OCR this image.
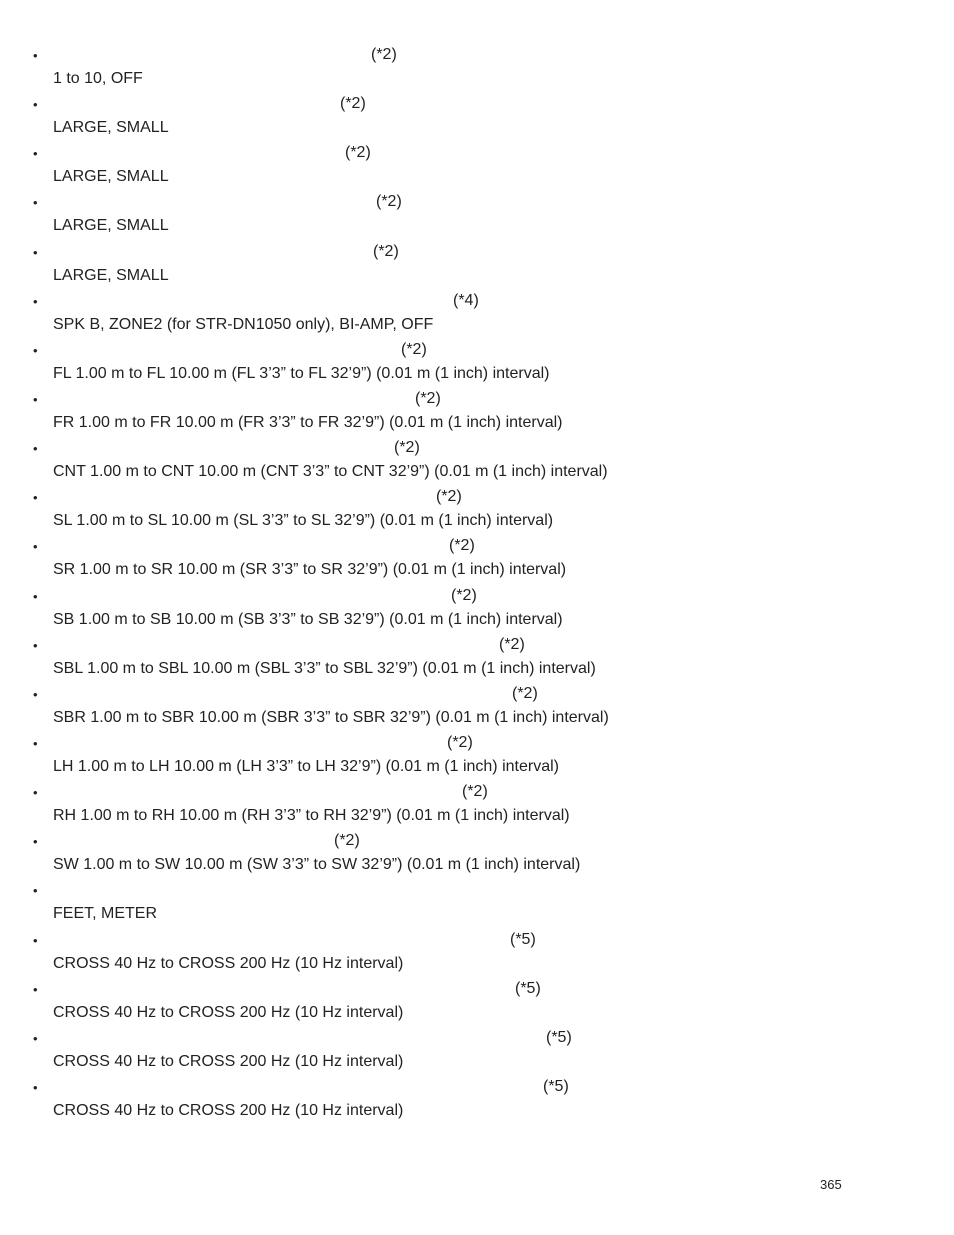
•	(*2)
1 to 10, OFF
•	(*2)
LARGE, SMALL
•	(*2)
LARGE, SMALL
•	(*2)
LARGE, SMALL
•	(*2)
LARGE, SMALL
•	(*4)
SPK B, ZONE2 (for STR-DN1050 only), BI-AMP, OFF
•	(*2)
FL 1.00 m to FL 10.00 m (FL 3’3” to FL 32’9”) (0.01 m (1 inch) interval)
•	(*2)
FR 1.00 m to FR 10.00 m (FR 3’3” to FR 32’9”) (0.01 m (1 inch) interval)
•	(*2)
CNT 1.00 m to CNT 10.00 m (CNT 3’3” to CNT 32’9”) (0.01 m (1 inch) interval)
•	(*2)
SL 1.00 m to SL 10.00 m (SL 3’3” to SL 32’9”) (0.01 m (1 inch) interval)
•	(*2)
SR 1.00 m to SR 10.00 m (SR 3’3” to SR 32’9”) (0.01 m (1 inch) interval)
•	(*2)
SB 1.00 m to SB 10.00 m (SB 3’3” to SB 32’9”) (0.01 m (1 inch) interval)
•	(*2)
SBL 1.00 m to SBL 10.00 m (SBL 3’3” to SBL 32’9”) (0.01 m (1 inch) interval)
•	(*2)
SBR 1.00 m to SBR 10.00 m (SBR 3’3” to SBR 32’9”) (0.01 m (1 inch) interval)
•	(*2)
LH 1.00 m to LH 10.00 m (LH 3’3” to LH 32’9”) (0.01 m (1 inch) interval)
•	(*2)
RH 1.00 m to RH 10.00 m (RH 3’3” to RH 32’9”) (0.01 m (1 inch) interval)
•	(*2)
SW 1.00 m to SW 10.00 m (SW 3’3” to SW 32’9”) (0.01 m (1 inch) interval)
•
FEET, METER
•	(*5)
CROSS 40 Hz to CROSS 200 Hz (10 Hz interval)
•	(*5)
CROSS 40 Hz to CROSS 200 Hz (10 Hz interval)
•	(*5)
CROSS 40 Hz to CROSS 200 Hz (10 Hz interval)
•	(*5)
CROSS 40 Hz to CROSS 200 Hz (10 Hz interval)
365
